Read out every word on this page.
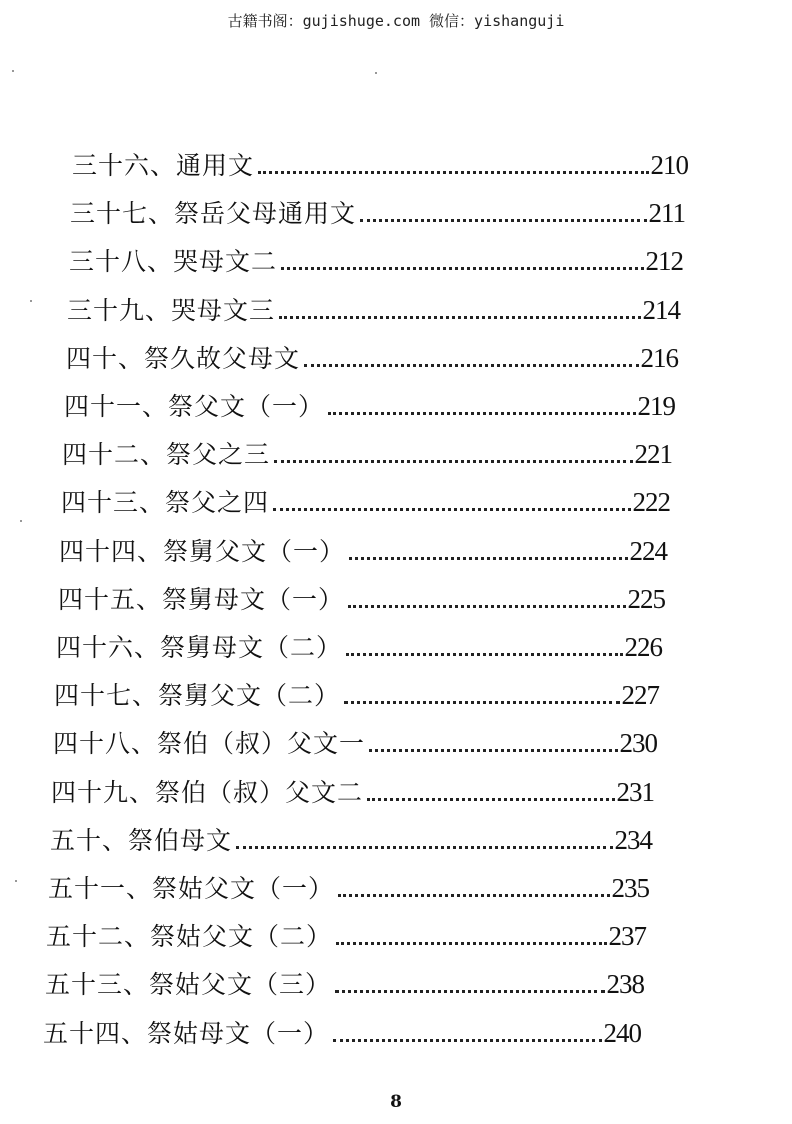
古籍书阁：gujishuge.com 微信：yishanguji
三十六、通用文	210
三十七、祭岳父母通用文	211
三十八、哭母文二	212
三十九、哭母文三	214
四十、祭久故父母文	216
四十一、祭父文（一）	219
四十二、祭父之三	221
四十三、祭父之四	222
四十四、祭舅父文（一）	224
四十五、祭舅母文（一）	225
四十六、祭舅母文（二）	226
四十七、祭舅父文（二）	227
四十八、祭伯（叔）父文一	230
四十九、祭伯（叔）父文二	231
五十、祭伯母文	234
五十一、祭姑父文（一）	235
五十二、祭姑父文（二）	237
五十三、祭姑父文（三）	238
五十四、祭姑母文（一）	240
8
